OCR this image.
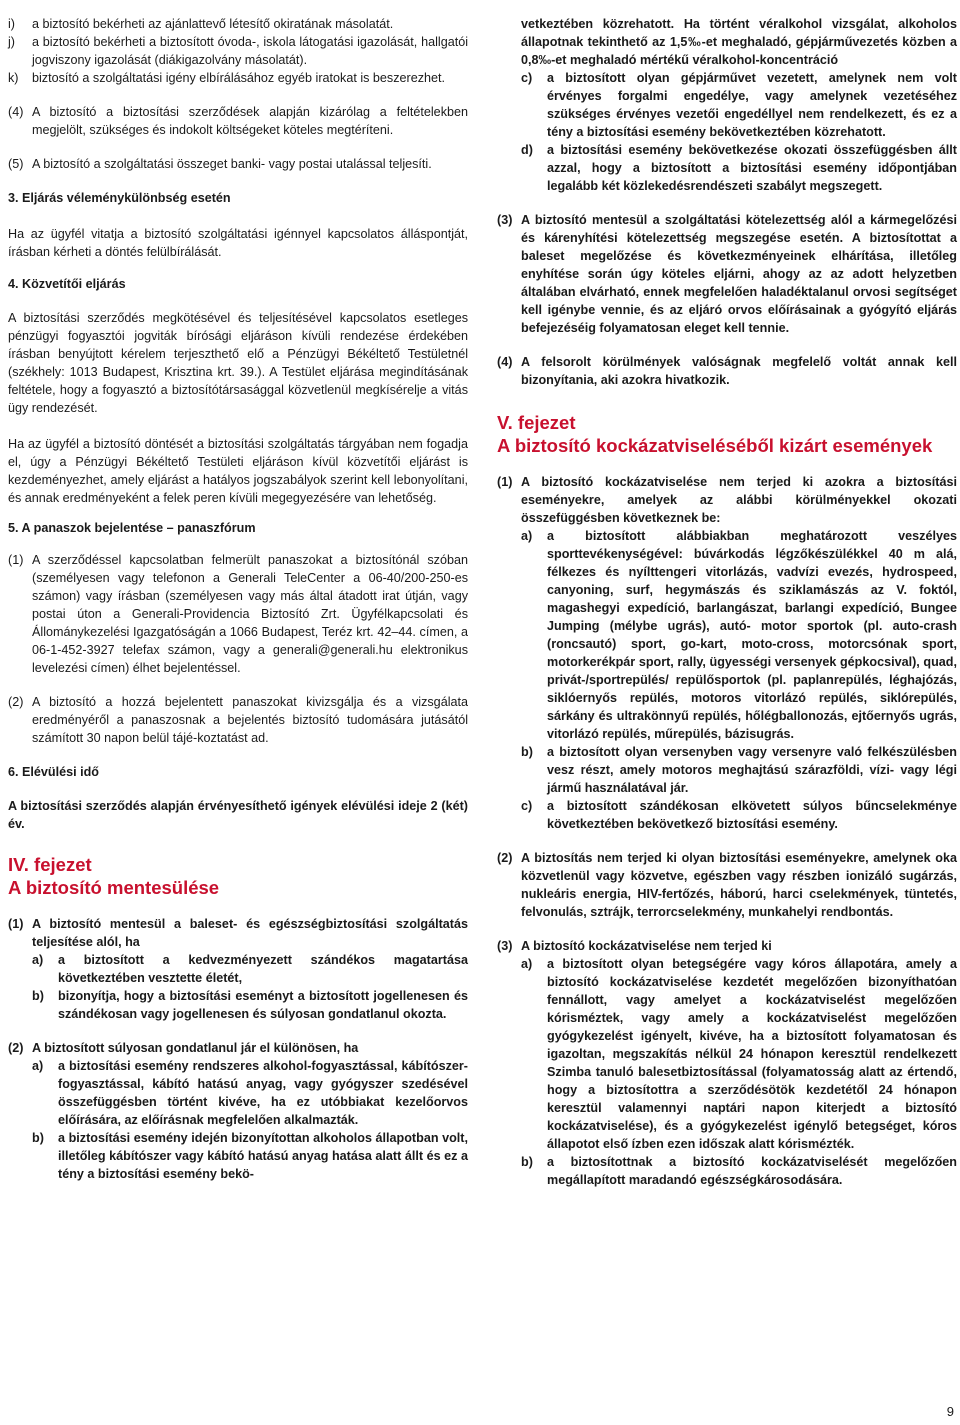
i)	a biztosító bekérheti az ajánlattevő létesítő okiratának másolatát.
j)	a biztosító bekérheti a biztosított óvoda-, iskola látogatási igazolását, hallgatói jogviszony igazolását (diákigazolvány másolatát).
k)	biztosító a szolgáltatási igény elbírálásához egyéb iratokat is beszerezhet.
(4) A biztosító a biztosítási szerződések alapján kizárólag a feltételekben megjelölt, szükséges és indokolt költségeket köteles megtéríteni.
(5) A biztosító a szolgáltatási összeget banki- vagy postai utalással teljesíti.

3. Eljárás véleménykülönbség esetén

Ha az ügyfél vitatja a biztosító szolgáltatási igénnyel kapcsolatos álláspontját, írásban kérheti a döntés felülbírálását.

4. Közvetítői eljárás

A biztosítási szerződés megkötésével és teljesítésével kapcsolatos esetleges pénzügyi fogyasztói jogviták bírósági eljáráson kívüli rendezése érdekében írásban benyújtott kérelem terjeszthető elő a Pénzügyi Békéltető Testületnél (székhely: 1013 Budapest, Krisztina krt. 39.). A Testület eljárása megindításának feltétele, hogy a fogyasztó a biztosítótársasággal közvetlenül megkísérelje a vitás ügy rendezését.

Ha az ügyfél a biztosító döntését a biztosítási szolgáltatás tárgyában nem fogadja el, úgy a Pénzügyi Békéltető Testületi eljáráson kívül közvetítői eljárást is kezdeményezhet, amely eljárást a hatályos jogszabályok szerint kell lebonyolítani, és annak eredményeként a felek peren kívüli megegyezésére van lehetőség.

5. A panaszok bejelentése – panaszfórum

(1) A szerződéssel kapcsolatban felmerült panaszokat a biztosítónál szóban (személyesen vagy telefonon a Generali TeleCenter a 06-40/200-250-es számon) vagy írásban (személyesen vagy más által átadott irat útján, vagy postai úton a Generali-Providencia Biztosító Zrt. Ügyfélkapcsolati és Állománykezelési Igazgatóságán a 1066 Budapest, Teréz krt. 42–44. címen, a 06-1-452-3927 telefax számon, vagy a generali@generali.hu elektronikus levelezési címen) élhet bejelentéssel.
(2) A biztosító a hozzá bejelentett panaszokat kivizsgálja és a vizsgálata eredményéről a panaszosnak a bejelentés biztosító tudomására jutásától számított 30 napon belül tájé-koztatást ad.

6. Elévülési idő

A biztosítási szerződés alapján érvényesíthető igények elévülési ideje 2 (két) év.

IV. fejezet

A biztosító mentesülése

(1) A biztosító mentesül a baleset- és egészségbiztosítási szolgáltatás teljesítése alól, ha
a)	a biztosított a kedvezményezett szándékos magatartása következtében vesztette életét,
b)	bizonyítja, hogy a biztosítási eseményt a biztosított jogellenesen és szándékosan vagy jogellenesen és súlyosan gondatlanul okozta.
(2) A biztosított súlyosan gondatlanul jár el különösen, ha
a)	a biztosítási esemény rendszeres alkohol-fogyasztással, kábítószer-fogyasztással, kábító hatású anyag, vagy gyógyszer szedésével összefüggésben történt kivéve, ha ez utóbbiakat kezelőorvos előírására, az előírásnak megfelelően alkalmazták.
b)	a biztosítási esemény idején bizonyítottan alkoholos állapotban volt, illetőleg kábítószer vagy kábító hatású anyag hatása alatt állt és ez a tény a biztosítási esemény bekö-

vetkeztében közrehatott. Ha történt véralkohol vizsgálat, alkoholos állapotnak tekinthető az 1,5‰-et meghaladó, gépjárművezetés közben a 0,8‰-et meghaladó mértékű véralkohol-koncentráció

c)	a biztosított olyan gépjárművet vezetett, amelynek nem volt érvényes forgalmi engedélye, vagy amelynek vezetéséhez szükséges érvényes vezetői engedéllyel nem rendelkezett, és ez a tény a biztosítási esemény bekövetkeztében közrehatott.
d)	a biztosítási esemény bekövetkezése okozati összefüggésben állt azzal, hogy a biztosított a biztosítási esemény időpontjában legalább két közlekedésrendészeti szabályt megszegett.
(3) A biztosító mentesül a szolgáltatási kötelezettség alól a kármegelőzési és kárenyhítési kötelezettség megszegése esetén. A biztosítottat a baleset megelőzése és következményeinek elhárítása, illetőleg enyhítése során úgy köteles eljárni, ahogy az az adott helyzetben általában elvárható, ennek megfelelően haladéktalanul orvosi segítséget kell igénybe vennie, és az eljáró orvos előírásainak a gyógyító eljárás befejezéséig folyamatosan eleget kell tennie.
(4) A felsorolt körülmények valóságnak megfelelő voltát annak kell bizonyítania, aki azokra hivatkozik.

V. fejezet

A biztosító kockázatviseléséből kizárt események

(1) A biztosító kockázatviselése nem terjed ki azokra a biztosítási eseményekre, amelyek az alábbi körülményekkel okozati összefüggésben következnek be:
a)	a biztosított alábbiakban meghatározott veszélyes sporttevékenységével: búvárkodás légzőkészülékkel 40 m alá, félkezes és nyílttengeri vitorlázás, vadvízi evezés, hydrospeed, canyoning, surf, hegymászás és sziklamászás az V. foktól, magashegyi expedíció, barlangászat, barlangi expedíció, Bungee Jumping (mélybe ugrás), autó- motor sportok (pl. auto-crash (roncsautó) sport, go-kart, moto-cross, motorcsónak sport, motorkerékpár sport, rally, ügyességi versenyek gépkocsival), quad, privát-/sportrepülés/ repülősportok (pl. paplanrepülés, léghajózás, siklóernyős repülés, motoros vitorlázó repülés, siklórepülés, sárkány és ultrakönnyű repülés, hőlégballonozás, ejtőernyős ugrás, vitorlázó repülés, műrepülés, bázisugrás.
b)	a biztosított olyan versenyben vagy versenyre való felkészülésben vesz részt, amely motoros meghajtású szárazföldi, vízi- vagy légi jármű használatával jár.
c)	a biztosított szándékosan elkövetett súlyos bűncselekménye következtében bekövetkező biztosítási esemény.
(2) A biztosítás nem terjed ki olyan biztosítási eseményekre, amelynek oka közvetlenül vagy közvetve, egészben vagy részben ionizáló sugárzás, nukleáris energia, HIV-fertőzés, háború, harci cselekmények, tüntetés, felvonulás, sztrájk, terrorcselekmény, munkahelyi rendbontás.
(3) A biztosító kockázatviselése nem terjed ki
a)	a biztosított olyan betegségére vagy kóros állapotára, amely a biztosító kockázatviselése kezdetét megelőzően bizonyíthatóan fennállott, vagy amelyet a kockázatviselést megelőzően kórisméztek, vagy amely a kockázatviselést megelőzően gyógykezelést igényelt, kivéve, ha a biztosított folyamatosan és igazoltan, megszakítás nélkül 24 hónapon keresztül rendelkezett Szimba tanuló balesetbiztosítással (folyamatosság alatt az értendő, hogy a biztosítottra a szerződésötök kezdetétől 24 hónapon keresztül valamennyi naptári napon kiterjedt a biztosító kockázatviselése), és a gyógykezelést igénylő betegséget, kóros állapotot első ízben ezen időszak alatt kórismézték.
b)	a biztosítottnak a biztosító kockázatviselését megelőzően megállapított maradandó egészségkárosodására.
9
